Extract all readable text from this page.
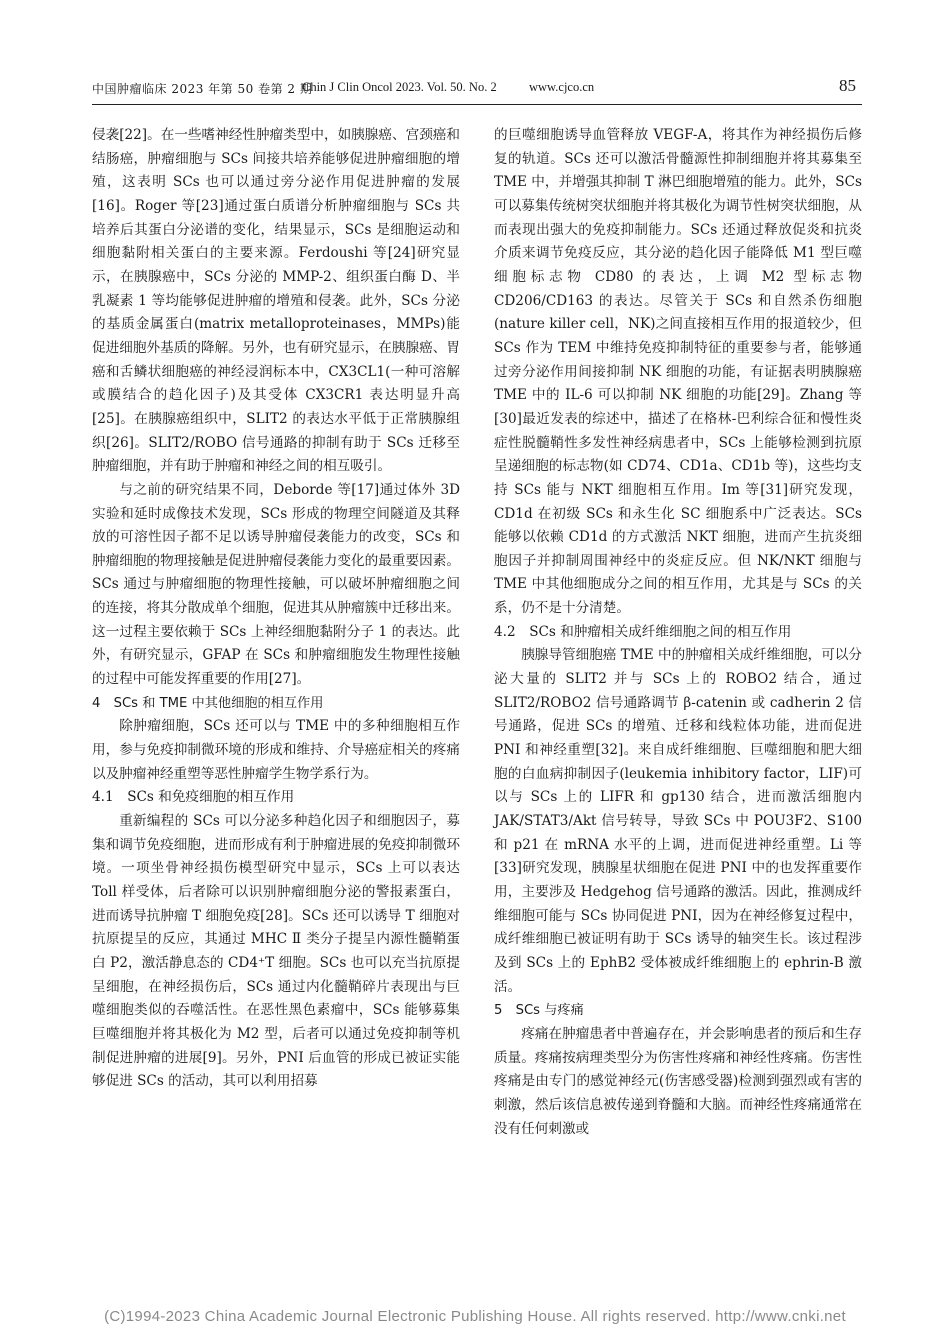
中国肿瘤临床 2023 年第 50 卷第 2 期
Chin J Clin Oncol 2023. Vol. 50. No. 2	www.cjco.cn	85

侵袭[22]。在一些嗜神经性肿瘤类型中，如胰腺癌、宫颈癌和结肠癌，肿瘤细胞与 SCs 间接共培养能够促进肿瘤细胞的增殖，这表明 SCs 也可以通过旁分泌作用促进肿瘤的发展[16]。Roger 等[23]通过蛋白质谱分析肿瘤细胞与 SCs 共培养后其蛋白分泌谱的变化，结果显示，SCs 是细胞运动和细胞黏附相关蛋白的主要来源。Ferdoushi 等[24]研究显示，在胰腺癌中，SCs 分泌的 MMP-2、组织蛋白酶 D、半乳凝素 1 等均能够促进肿瘤的增殖和侵袭。此外，SCs 分泌的基质金属蛋白(matrix metalloproteinases，MMPs)能促进细胞外基质的降解。另外，也有研究显示，在胰腺癌、胃癌和舌鳞状细胞癌的神经浸润标本中，CX3CL1(一种可溶解或膜结合的趋化因子)及其受体 CX3CR1 表达明显升高[25]。在胰腺癌组织中，SLIT2 的表达水平低于正常胰腺组织[26]。SLIT2/ROBO 信号通路的抑制有助于 SCs 迁移至肿瘤细胞，并有助于肿瘤和神经之间的相互吸引。

与之前的研究结果不同，Deborde 等[17]通过体外 3D 实验和延时成像技术发现，SCs 形成的物理空间隧道及其释放的可溶性因子都不足以诱导肿瘤侵袭能力的改变，SCs 和肿瘤细胞的物理接触是促进肿瘤侵袭能力变化的最重要因素。SCs 通过与肿瘤细胞的物理性接触，可以破坏肿瘤细胞之间的连接，将其分散成单个细胞，促进其从肿瘤簇中迁移出来。这一过程主要依赖于 SCs 上神经细胞黏附分子 1 的表达。此外，有研究显示，GFAP 在 SCs 和肿瘤细胞发生物理性接触的过程中可能发挥重要的作用[27]。

4　SCs 和 TME 中其他细胞的相互作用

除肿瘤细胞，SCs 还可以与 TME 中的多种细胞相互作用，参与免疫抑制微环境的形成和维持、介导癌症相关的疼痛以及肿瘤神经重塑等恶性肿瘤学生物学系行为。

4.1　SCs 和免疫细胞的相互作用

重新编程的 SCs 可以分泌多种趋化因子和细胞因子，募集和调节免疫细胞，进而形成有利于肿瘤进展的免疫抑制微环境。一项坐骨神经损伤模型研究中显示，SCs 上可以表达 Toll 样受体，后者除可以识别肿瘤细胞分泌的警报素蛋白，进而诱导抗肿瘤 T 细胞免疫[28]。SCs 还可以诱导 T 细胞对抗原提呈的反应，其通过 MHC Ⅱ 类分子提呈内源性髓鞘蛋白 P2，激活静息态的 CD4⁺T 细胞。SCs 也可以充当抗原提呈细胞，在神经损伤后，SCs 通过内化髓鞘碎片表现出与巨噬细胞类似的吞噬活性。在恶性黑色素瘤中，SCs 能够募集巨噬细胞并将其极化为 M2 型，后者可以通过免疫抑制等机制促进肿瘤的进展[9]。另外，PNI 后血管的形成已被证实能够促进 SCs 的活动，其可以利用招募

的巨噬细胞诱导血管释放 VEGF-A，将其作为神经损伤后修复的轨道。SCs 还可以激活骨髓源性抑制细胞并将其募集至 TME 中，并增强其抑制 T 淋巴细胞增殖的能力。此外，SCs 可以募集传统树突状细胞并将其极化为调节性树突状细胞，从而表现出强大的免疫抑制能力。SCs 还通过释放促炎和抗炎介质来调节免疫反应，其分泌的趋化因子能降低 M1 型巨噬细胞标志物 CD80 的表达，上调 M2 型标志物 CD206/CD163 的表达。尽管关于 SCs 和自然杀伤细胞(nature killer cell，NK)之间直接相互作用的报道较少，但 SCs 作为 TEM 中维持免疫抑制特征的重要参与者，能够通过旁分泌作用间接抑制 NK 细胞的功能，有证据表明胰腺癌 TME 中的 IL-6 可以抑制 NK 细胞的功能[29]。Zhang 等[30]最近发表的综述中，描述了在格林-巴利综合征和慢性炎症性脱髓鞘性多发性神经病患者中，SCs 上能够检测到抗原呈递细胞的标志物(如 CD74、CD1a、CD1b 等)，这些均支持 SCs 能与 NKT 细胞相互作用。Im 等[31]研究发现，CD1d 在初级 SCs 和永生化 SC 细胞系中广泛表达。SCs 能够以依赖 CD1d 的方式激活 NKT 细胞，进而产生抗炎细胞因子并抑制周围神经中的炎症反应。但 NK/NKT 细胞与 TME 中其他细胞成分之间的相互作用，尤其是与 SCs 的关系，仍不是十分清楚。

4.2　SCs 和肿瘤相关成纤维细胞之间的相互作用

胰腺导管细胞癌 TME 中的肿瘤相关成纤维细胞，可以分泌大量的 SLIT2 并与 SCs 上的 ROBO2 结合，通过 SLIT2/ROBO2 信号通路调节 β-catenin 或 cadherin 2 信号通路，促进 SCs 的增殖、迁移和线粒体功能，进而促进 PNI 和神经重塑[32]。来自成纤维细胞、巨噬细胞和肥大细胞的白血病抑制因子(leukemia inhibitory factor，LIF)可以与 SCs 上的 LIFR 和 gp130 结合，进而激活细胞内 JAK/STAT3/Akt 信号转导，导致 SCs 中 POU3F2、S100 和 p21 在 mRNA 水平的上调，进而促进神经重塑。Li 等[33]研究发现，胰腺星状细胞在促进 PNI 中的也发挥重要作用，主要涉及 Hedgehog 信号通路的激活。因此，推测成纤维细胞可能与 SCs 协同促进 PNI，因为在神经修复过程中，成纤维细胞已被证明有助于 SCs 诱导的轴突生长。该过程涉及到 SCs 上的 EphB2 受体被成纤维细胞上的 ephrin-B 激活。

5　SCs 与疼痛

疼痛在肿瘤患者中普遍存在，并会影响患者的预后和生存质量。疼痛按病理类型分为伤害性疼痛和神经性疼痛。伤害性疼痛是由专门的感觉神经元(伤害感受器)检测到强烈或有害的刺激，然后该信息被传递到脊髓和大脑。而神经性疼痛通常在没有任何刺激或

(C)1994-2023 China Academic Journal Electronic Publishing House. All rights reserved. http://www.cnki.net
